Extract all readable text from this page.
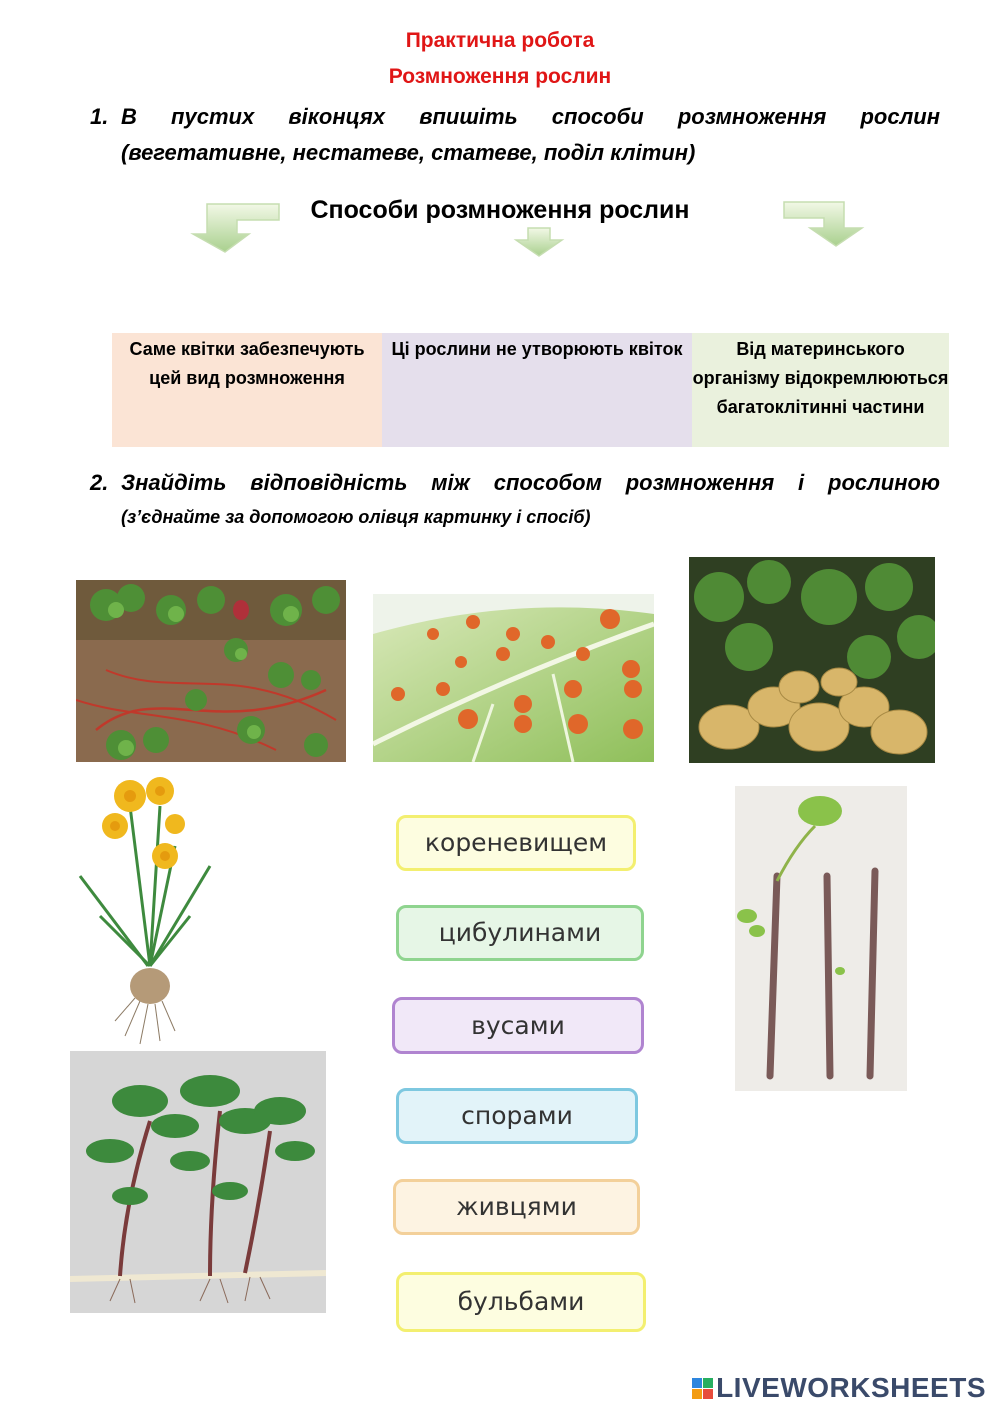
Практична робота
Розмноження рослин
1. В пустих віконцях впишіть способи розмноження рослин
(вегетативне, нестатеве, статеве, поділ клітин)
Способи розмноження рослин
Саме квітки забезпечують цей вид розмноження
Ці рослини не утворюють квіток	Від материнського організму відокремлюються багатоклітинні частини
2. Знайдіть відповідність між способом розмноження і рослиною
(з’єднайте за допомогою олівця картинку і спосіб)
кореневищем
цибулинами
вусами
спорами
живцями
бульбами
LIVEWORKSHEETS
